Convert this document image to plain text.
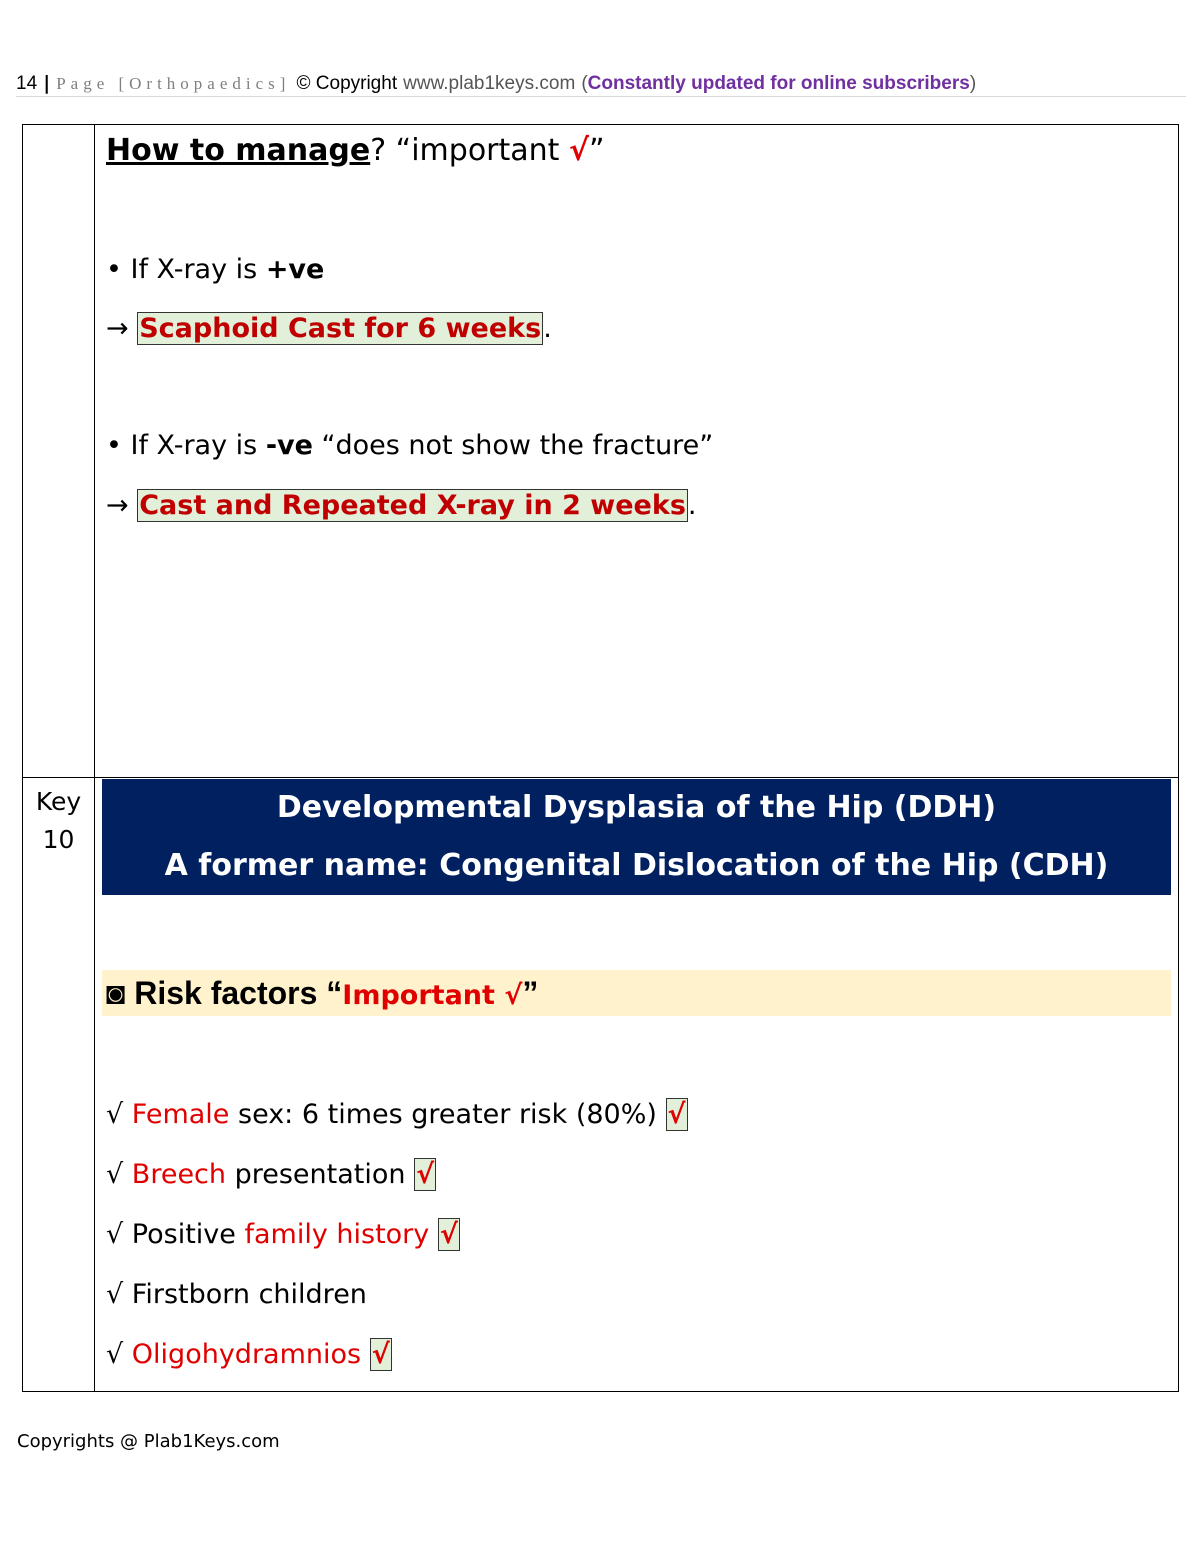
14 | Page [Orthopaedics] © Copyright www.plab1keys.com (Constantly updated for online subscribers)
How to manage? “important √”
• If X-ray is +ve
→ Scaphoid Cast for 6 weeks.
• If X-ray is -ve “does not show the fracture”
→ Cast and Repeated X-ray in 2 weeks.
Key
10
Developmental Dysplasia of the Hip (DDH)
A former name: Congenital Dislocation of the Hip (CDH)
◙ Risk factors “Important √”
√ Female sex: 6 times greater risk (80%) √
√ Breech presentation √
√ Positive family history √
√ Firstborn children
√ Oligohydramnios √
Copyrights @ Plab1Keys.com
